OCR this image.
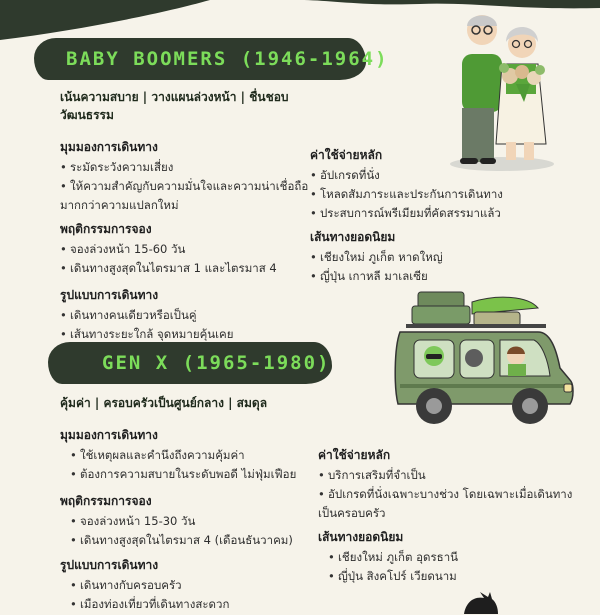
BABY BOOMERS (1946-1964)
เน้นความสบาย | วางแผนล่วงหน้า | ชื่นชอบ
วัฒนธรรม
มุมมองการเดินทาง
• ระมัดระวังความเสี่ยง
• ให้ความสำคัญกับความมั่นใจและความน่าเชื่อถือ
มากกว่าความแปลกใหม่
พฤติกรรมการจอง
• จองล่วงหน้า 15-60 วัน
• เดินทางสูงสุดในไตรมาส 1 และไตรมาส 4
รูปแบบการเดินทาง
• เดินทางคนเดียวหรือเป็นคู่
• เส้นทางระยะใกล้ จุดหมายคุ้นเคย
ค่าใช้จ่ายหลัก
• อัปเกรดที่นั่ง
• โหลดสัมภาระและประกันการเดินทาง
• ประสบการณ์พรีเมียมที่คัดสรรมาแล้ว
เส้นทางยอดนิยม
• เชียงใหม่ ภูเก็ต หาดใหญ่
• ญี่ปุ่น เกาหลี มาเลเซีย
GEN X (1965-1980)
คุ้มค่า | ครอบครัวเป็นศูนย์กลาง | สมดุล
มุมมองการเดินทาง
• ใช้เหตุผลและคำนึงถึงความคุ้มค่า
• ต้องการความสบายในระดับพอดี ไม่ฟุ่มเฟือย
พฤติกรรมการจอง
• จองล่วงหน้า 15-30 วัน
• เดินทางสูงสุดในไตรมาส 4 (เดือนธันวาคม)
รูปแบบการเดินทาง
• เดินทางกับครอบครัว
• เมืองท่องเที่ยวที่เดินทางสะดวก
ค่าใช้จ่ายหลัก
• บริการเสริมที่จำเป็น
• อัปเกรดที่นั่งเฉพาะบางช่วง โดยเฉพาะเมื่อเดินทาง
เป็นครอบครัว
เส้นทางยอดนิยม
• เชียงใหม่ ภูเก็ต อุดรธานี
• ญี่ปุ่น สิงคโปร์ เวียดนาม
